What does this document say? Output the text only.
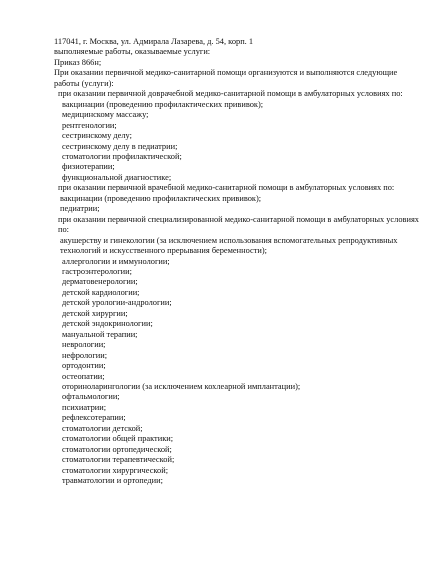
117041, г. Москва, ул. Адмирала Лазарева, д. 54, корп. 1
выполняемые работы, оказываемые услуги:
Приказ 866н;
При оказании первичной медико-санитарной помощи организуются и выполняются следующие работы (услуги):
при оказании первичной доврачебной медико-санитарной помощи в амбулаторных условиях по:
вакцинации (проведению профилактических прививок);
медицинскому массажу;
рентгенологии;
сестринскому делу;
сестринскому делу в педиатрии;
стоматологии профилактической;
физиотерапии;
функциональной диагностике;
при оказании первичной врачебной медико-санитарной помощи в амбулаторных условиях по:
вакцинации (проведению профилактических прививок);
педиатрии;
при оказании первичной специализированной медико-санитарной помощи в амбулаторных условиях по:
акушерству и гинекологии (за исключением использования вспомогательных репродуктивных технологий и искусственного прерывания беременности);
аллергологии и иммунологии;
гастроэнтерологии;
дерматовенерологии;
детской кардиологии;
детской урологии-андрологии;
детской хирургии;
детской эндокринологии;
мануальной терапии;
неврологии;
нефрологии;
ортодонтии;
остеопатии;
оториноларингологии (за исключением кохлеарной имплантации);
офтальмологии;
психиатрии;
рефлексотерапии;
стоматологии детской;
стоматологии общей практики;
стоматологии ортопедической;
стоматологии терапевтической;
стоматологии хирургической;
травматологии и ортопедии;
